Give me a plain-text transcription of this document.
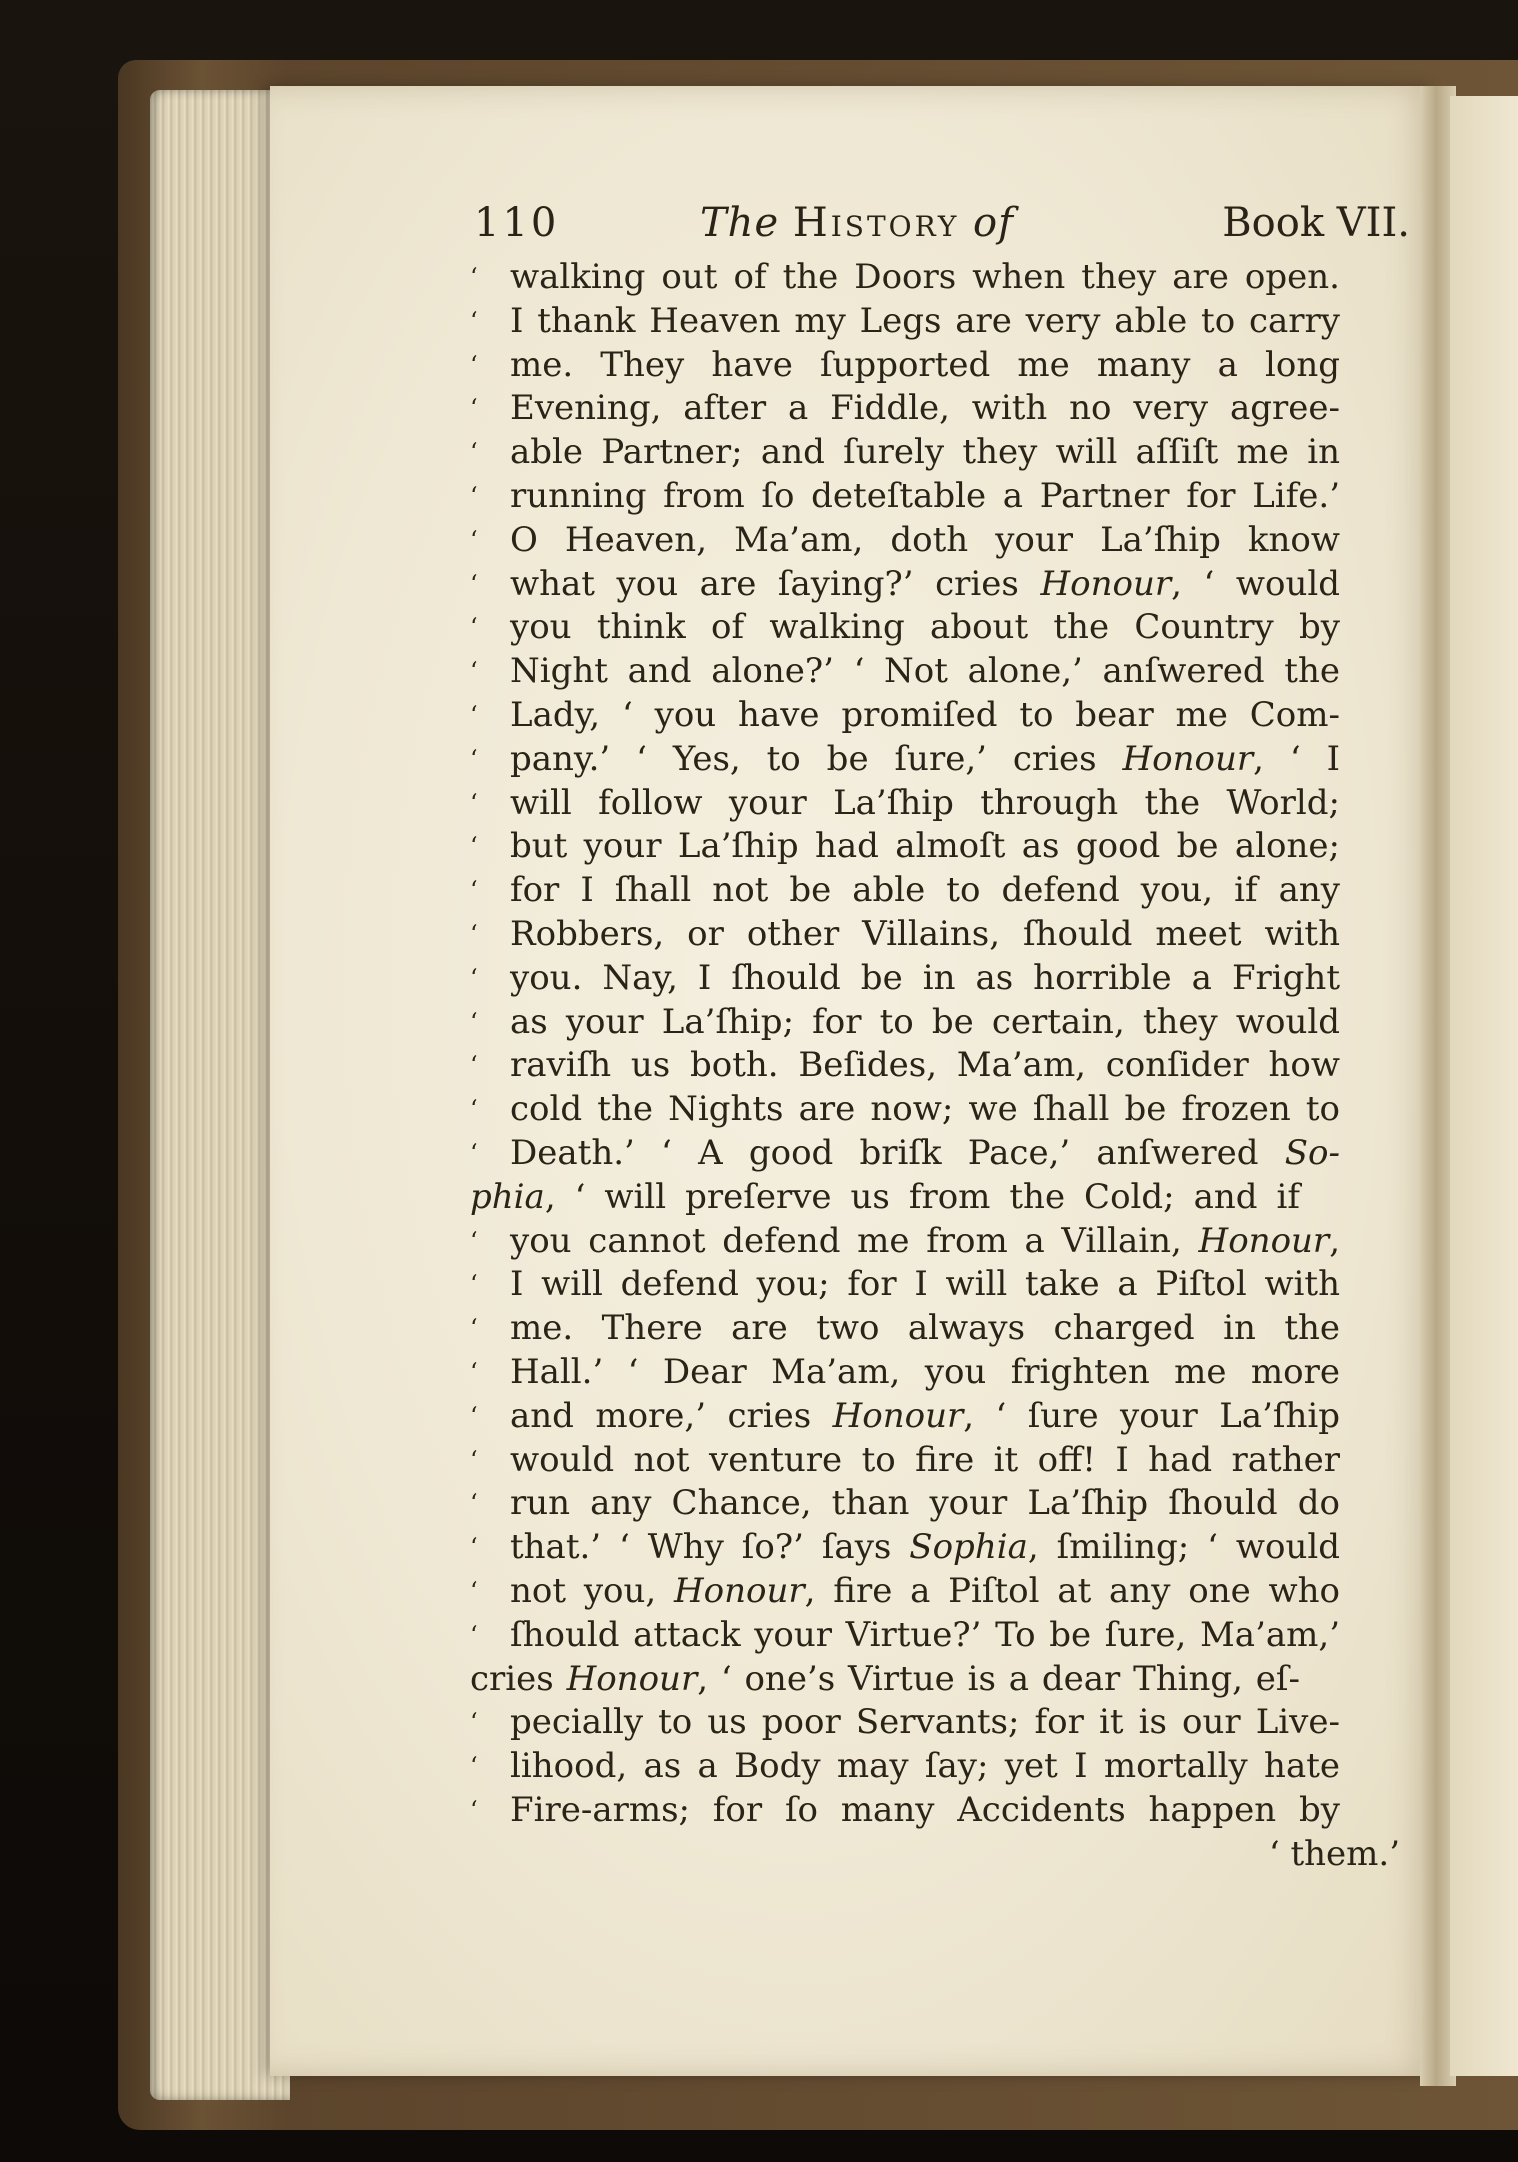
110	The History of	Book VII.
‘ walking out of the Doors when they are open.
‘ I thank Heaven my Legs are very able to carry
‘ me. They have ſupported me many a long
‘ Evening, after a Fiddle, with no very agree-
‘ able Partner; and ſurely they will aſſiſt me in
‘ running from ſo deteſtable a Partner for Life.’
‘ O Heaven, Ma’am, doth your La’ſhip know
‘ what you are ſaying?’ cries Honour, ‘ would
‘ you think of walking about the Country by
‘ Night and alone?’ ‘ Not alone,’ anſwered the
‘ Lady, ‘ you have promiſed to bear me Com-
‘ pany.’ ‘ Yes, to be ſure,’ cries Honour, ‘ I
‘ will follow your La’ſhip through the World;
‘ but your La’ſhip had almoſt as good be alone;
‘ for I ſhall not be able to defend you, if any
‘ Robbers, or other Villains, ſhould meet with
‘ you. Nay, I ſhould be in as horrible a Fright
‘ as your La’ſhip; for to be certain, they would
‘ raviſh us both. Beſides, Ma’am, conſider how
‘ cold the Nights are now; we ſhall be frozen to
‘ Death.’ ‘ A good briſk Pace,’ anſwered So-
phia, ‘ will preſerve us from the Cold; and if
‘ you cannot defend me from a Villain, Honour,
‘ I will defend you; for I will take a Piſtol with
‘ me. There are two always charged in the
‘ Hall.’ ‘ Dear Ma’am, you frighten me more
‘ and more,’ cries Honour, ‘ ſure your La’ſhip
‘ would not venture to fire it off! I had rather
‘ run any Chance, than your La’ſhip ſhould do
‘ that.’ ‘ Why ſo?’ ſays Sophia, ſmiling; ‘ would
‘ not you, Honour, fire a Piſtol at any one who
‘ ſhould attack your Virtue?’ To be ſure, Ma’am,’
cries Honour, ‘ one’s Virtue is a dear Thing, eſ-
‘ pecially to us poor Servants; for it is our Live-
‘ lihood, as a Body may ſay; yet I mortally hate
‘ Fire-arms; for ſo many Accidents happen by
‘ them.’
